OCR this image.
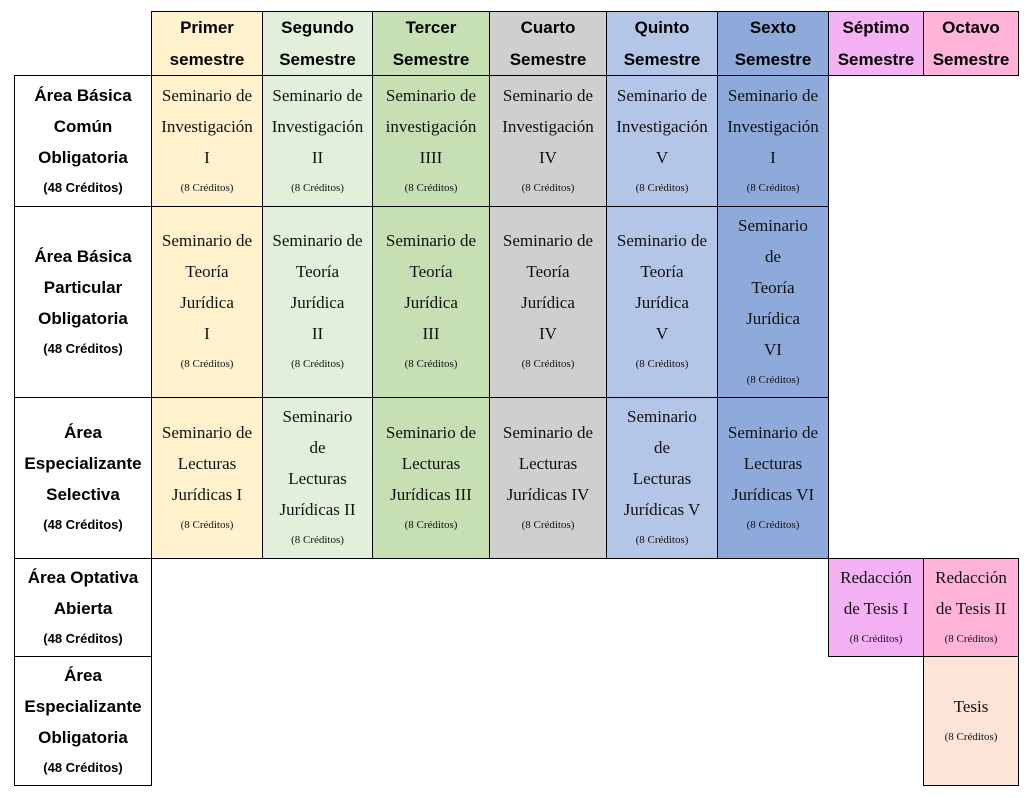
Primer
semestre
Segundo
Semestre
Tercer
Semestre
Cuarto
Semestre
Quinto
Semestre
Sexto
Semestre
Séptimo
Semestre
Octavo
Semestre
Área Básica
Común
Obligatoria
(48 Créditos)
Área Básica
Particular
Obligatoria
(48 Créditos)
Área
Especializante
Selectiva
(48 Créditos)
Área Optativa
Abierta
(48 Créditos)
Área
Especializante
Obligatoria
(48 Créditos)
Seminario de
Investigación
I
(8 Créditos)
Seminario de
Investigación
II
(8 Créditos)
Seminario de
investigación
IIII
(8 Créditos)
Seminario de
Investigación
IV
(8 Créditos)
Seminario de
Investigación
V
(8 Créditos)
Seminario de
Investigación
I
(8 Créditos)
Seminario de
Teoría
Jurídica
I
(8 Créditos)
Seminario de
Teoría
Jurídica
II
(8 Créditos)
Seminario de
Teoría
Jurídica
III
(8 Créditos)
Seminario de
Teoría
Jurídica
IV
(8 Créditos)
Seminario de
Teoría
Jurídica
V
(8 Créditos)
Seminario
de
Teoría
Jurídica
VI
(8 Créditos)
Seminario de
Lecturas
Jurídicas I
(8 Créditos)
Seminario
de
Lecturas
Jurídicas II
(8 Créditos)
Seminario de
Lecturas
Jurídicas III
(8 Créditos)
Seminario de
Lecturas
Jurídicas IV
(8 Créditos)
Seminario
de
Lecturas
Jurídicas V
(8 Créditos)
Seminario de
Lecturas
Jurídicas VI
(8 Créditos)
Redacción
de Tesis I
(8 Créditos)
Redacción
de Tesis II
(8 Créditos)
Tesis
(8 Créditos)
